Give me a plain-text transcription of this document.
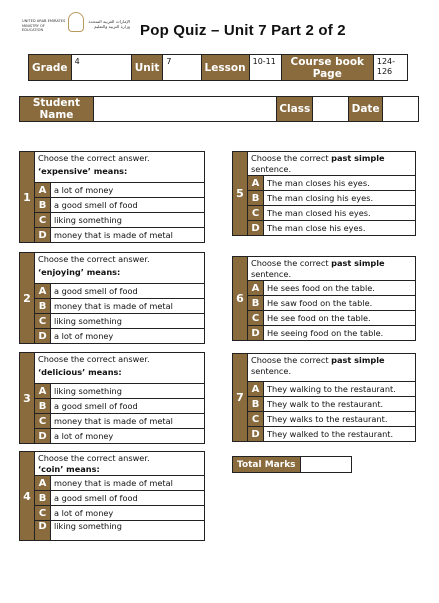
UNITED ARAB EMIRATES
MINISTRY OF EDUCATION
الإمارات العربية المتحدة
وزارة التربية والتعليم Pop Quiz – Unit 7 Part 2 of 2
Grade	4	Unit	7	Lesson	10-11	Course book Page	124-126
Student Name		Class		Date	
1	Choose the correct answer.
‘expensive’ means:	

	A	a lot of money
	B	a good smell of food
	C	liking something
	D	money that is made of metal
2	Choose the correct answer.
‘enjoying’ means:	

	A	a good smell of food
	B	money that is made of metal
	C	liking something
	D	a lot of money
3	Choose the correct answer.
‘delicious’ means:	

	A	liking something
	B	a good smell of food
	C	money that is made of metal
	D	a lot of money
4	Choose the correct answer.
‘coin’ means:	

	A	money that is made of metal
	B	a good smell of food
	C	a lot of money
	D	liking something
5	Choose the correct past simple sentence.	
	A	The man closes his eyes.
	B	The man closing his eyes.
	C	The man closed his eyes.
	D	The man close his eyes.
6	Choose the correct past simple sentence.	
	A	He sees food on the table.
	B	He saw food on the table.
	C	He see food on the table.
	D	He seeing food on the table.
7	Choose the correct past simple sentence.	
	A	They walking to the restaurant.
	B	They walk to the restaurant.
	C	They walks to the restaurant.
	D	They walked to the restaurant.
Total Marks	
